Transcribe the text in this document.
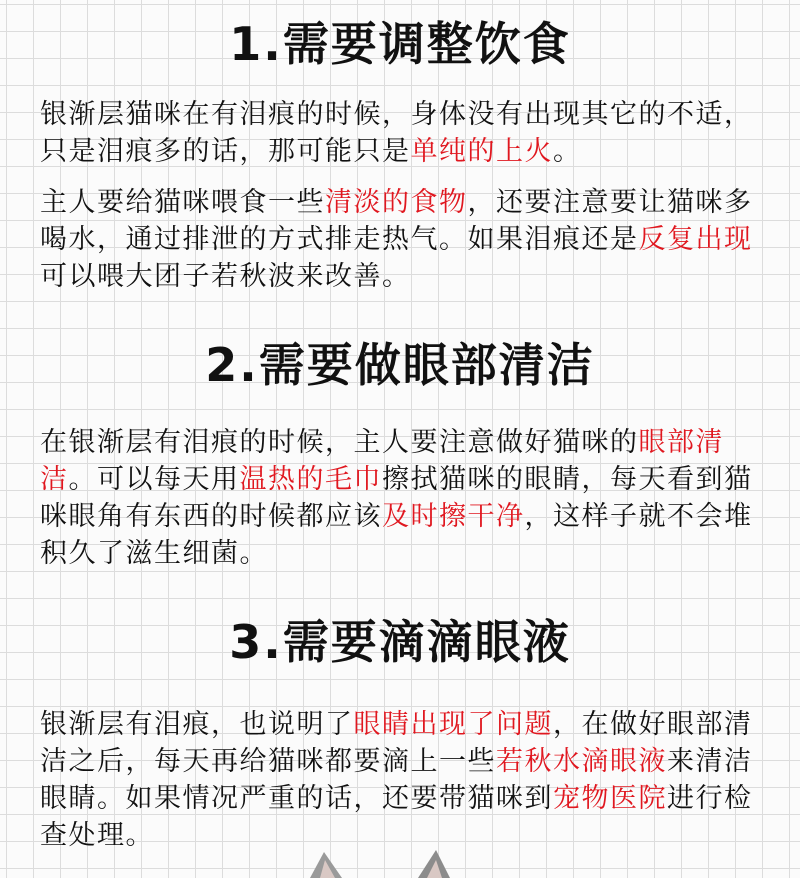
1.需要调整饮食

银渐层猫咪在有泪痕的时候，身体没有出现其它的不适，只是泪痕多的话，那可能只是单纯的上火。

主人要给猫咪喂食一些清淡的食物，还要注意要让猫咪多喝水，通过排泄的方式排走热气。如果泪痕还是反复出现可以喂大团子若秋波来改善。

2.需要做眼部清洁

在银渐层有泪痕的时候，主人要注意做好猫咪的眼部清洁。可以每天用温热的毛巾擦拭猫咪的眼睛，每天看到猫咪眼角有东西的时候都应该及时擦干净，这样子就不会堆积久了滋生细菌。

3.需要滴滴眼液

银渐层有泪痕，也说明了眼睛出现了问题，在做好眼部清洁之后，每天再给猫咪都要滴上一些若秋水滴眼液来清洁眼睛。如果情况严重的话，还要带猫咪到宠物医院进行检查处理。
